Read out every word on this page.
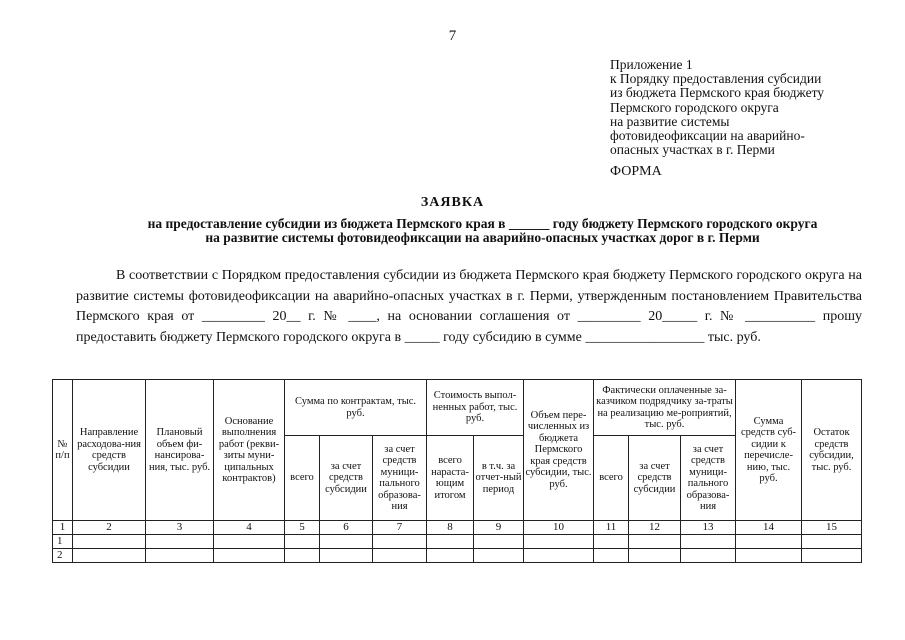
7
Приложение 1
к Порядку предоставления субсидии
из бюджета Пермского края бюджету
Пермского городского округа
на развитие системы
фотовидеофиксации на аварийно-
опасных участках в г. Перми
ФОРМА
ЗАЯВКА
на предоставление субсидии из бюджета Пермского края в ______ году бюджету Пермского городского округа
на развитие системы фотовидеофиксации на аварийно-опасных участках дорог в г. Перми

В соответствии с Порядком предоставления субсидии из бюджета Пермского края бюджету Пермского городского округа на развитие системы фотовидеофиксации на аварийно-опасных участках в г. Перми, утвержденным постановлением Правительства Пермского края от _________ 20__ г. № ____, на основании соглашения от _________ 20_____ г. № __________ прошу предоставить бюджету Пермского городского округа в _____ году субсидию в сумме _________________ тыс. руб.

№ п/п	Направление расходова-ния средств субсидии	Плановый объем фи-нансирова-ния, тыс. руб.	Основание выполнения работ (рекви-зиты муни-ципальных контрактов)	Сумма по контрактам, тыс. руб.			Стоимость выпол-ненных работ, тыс. руб.		Объем пере-численных из бюджета Пермского края средств субсидии, тыс. руб.	Фактически оплаченные за-казчиком подрядчику за-траты на реализацию ме-роприятий, тыс. руб.			Сумма средств суб-сидии к перечисле-нию, тыс. руб.	Остаток средств субсидии, тыс. руб.
				всего	за счет средств субсидии	за счет средств муници-пального образова-ния	всего нараста-ющим итогом	в т.ч. за отчет-ный период		всего	за счет средств субсидии	за счет средств муници-пального образова-ния		
1	2	3	4	5	6	7	8	9	10	11	12	13	14	15
1														
2														
